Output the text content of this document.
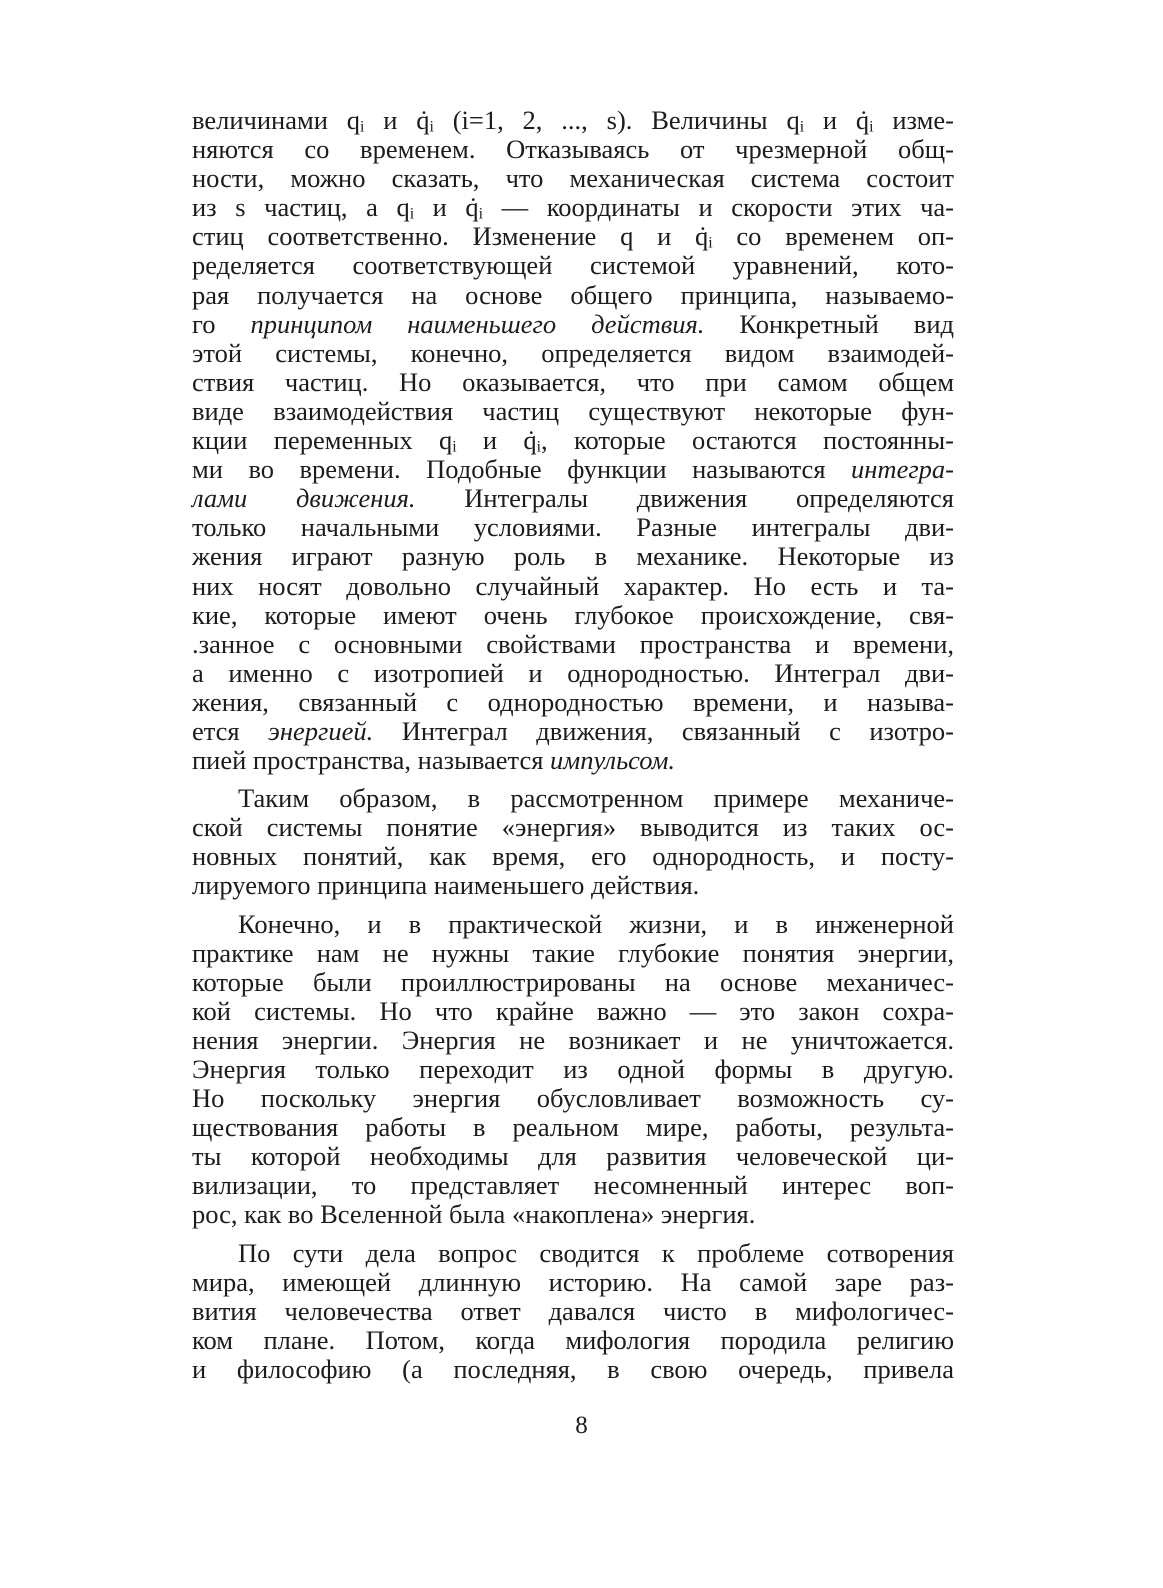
величинами qᵢ и q̇ᵢ (i=1, 2, ..., s). Величины qᵢ и q̇ᵢ изме-
няются со временем. Отказываясь от чрезмерной общ-
ности, можно сказать, что механическая система состоит
из s частиц, а qᵢ и q̇ᵢ — координаты и скорости этих ча-
стиц соответственно. Изменение q и q̇ᵢ со временем оп-
ределяется соответствующей системой уравнений, кото-
рая получается на основе общего принципа, называемо-
го принципом наименьшего действия. Конкретный вид
этой системы, конечно, определяется видом взаимодей-
ствия частиц. Но оказывается, что при самом общем
виде взаимодействия частиц существуют некоторые фун-
кции переменных qᵢ и q̇ᵢ, которые остаются постоянны-
ми во времени. Подобные функции называются интегра-
лами движения. Интегралы движения определяются
только начальными условиями. Разные интегралы дви-
жения играют разную роль в механике. Некоторые из
них носят довольно случайный характер. Но есть и та-
кие, которые имеют очень глубокое происхождение, свя-
.занное с основными свойствами пространства и времени,
а именно с изотропией и однородностью. Интеграл дви-
жения, связанный с однородностью времени, и называ-
ется энергией. Интеграл движения, связанный с изотро-
пией пространства, называется импульсом.
Таким образом, в рассмотренном примере механиче-
ской системы понятие «энергия» выводится из таких ос-
новных понятий, как время, его однородность, и посту-
лируемого принципа наименьшего действия.
Конечно, и в практической жизни, и в инженерной
практике нам не нужны такие глубокие понятия энергии,
которые были проиллюстрированы на основе механичес-
кой системы. Но что крайне важно — это закон сохра-
нения энергии. Энергия не возникает и не уничтожается.
Энергия только переходит из одной формы в другую.
Но поскольку энергия обусловливает возможность су-
ществования работы в реальном мире, работы, результа-
ты которой необходимы для развития человеческой ци-
вилизации, то представляет несомненный интерес воп-
рос, как во Вселенной была «накоплена» энергия.
По сути дела вопрос сводится к проблеме сотворения
мира, имеющей длинную историю. На самой заре раз-
вития человечества ответ давался чисто в мифологичес-
ком плане. Потом, когда мифология породила религию
и философию (а последняя, в свою очередь, привела
8
